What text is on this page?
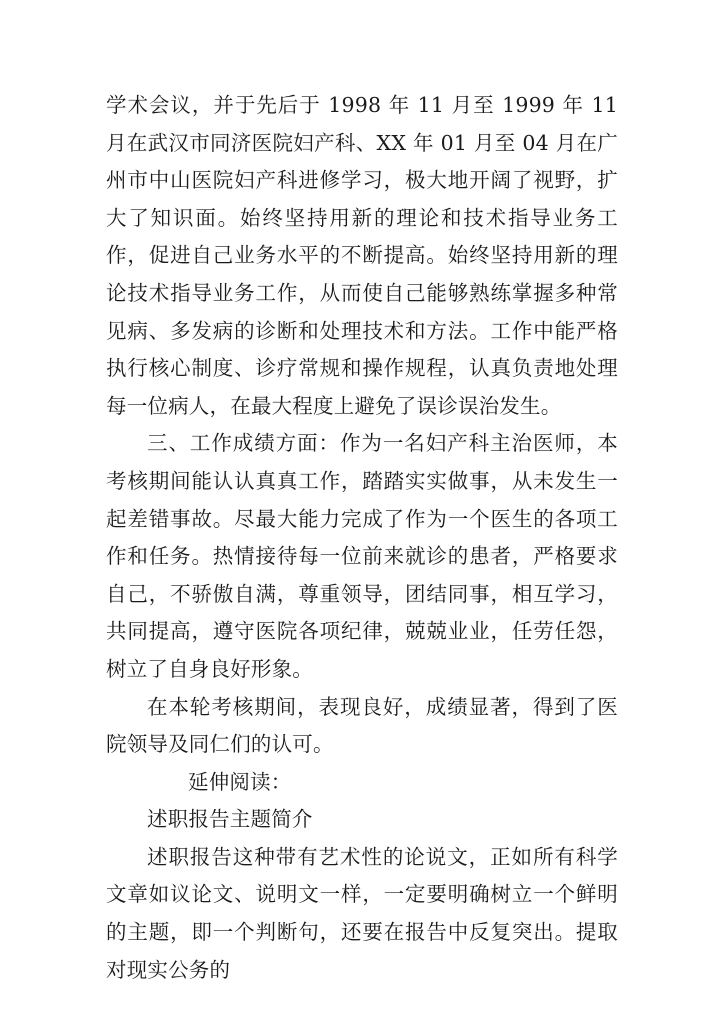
学术会议，并于先后于 1998 年 11 月至 1999 年 11 月在武汉市同济医院妇产科、XX 年 01 月至 04 月在广州市中山医院妇产科进修学习，极大地开阔了视野，扩大了知识面。始终坚持用新的理论和技术指导业务工作，促进自己业务水平的不断提高。始终坚持用新的理论技术指导业务工作，从而使自己能够熟练掌握多种常见病、多发病的诊断和处理技术和方法。工作中能严格执行核心制度、诊疗常规和操作规程，认真负责地处理每一位病人，在最大程度上避免了误诊误治发生。

三、工作成绩方面：作为一名妇产科主治医师，本考核期间能认认真真工作，踏踏实实做事，从未发生一起差错事故。尽最大能力完成了作为一个医生的各项工作和任务。热情接待每一位前来就诊的患者，严格要求自己，不骄傲自满，尊重领导，团结同事，相互学习，共同提高，遵守医院各项纪律，兢兢业业，任劳任怨，树立了自身良好形象。

在本轮考核期间，表现良好，成绩显著，得到了医院领导及同仁们的认可。

延伸阅读：

述职报告主题简介

述职报告这种带有艺术性的论说文，正如所有科学文章如议论文、说明文一样，一定要明确树立一个鲜明的主题，即一个判断句，还要在报告中反复突出。提取对现实公务的
